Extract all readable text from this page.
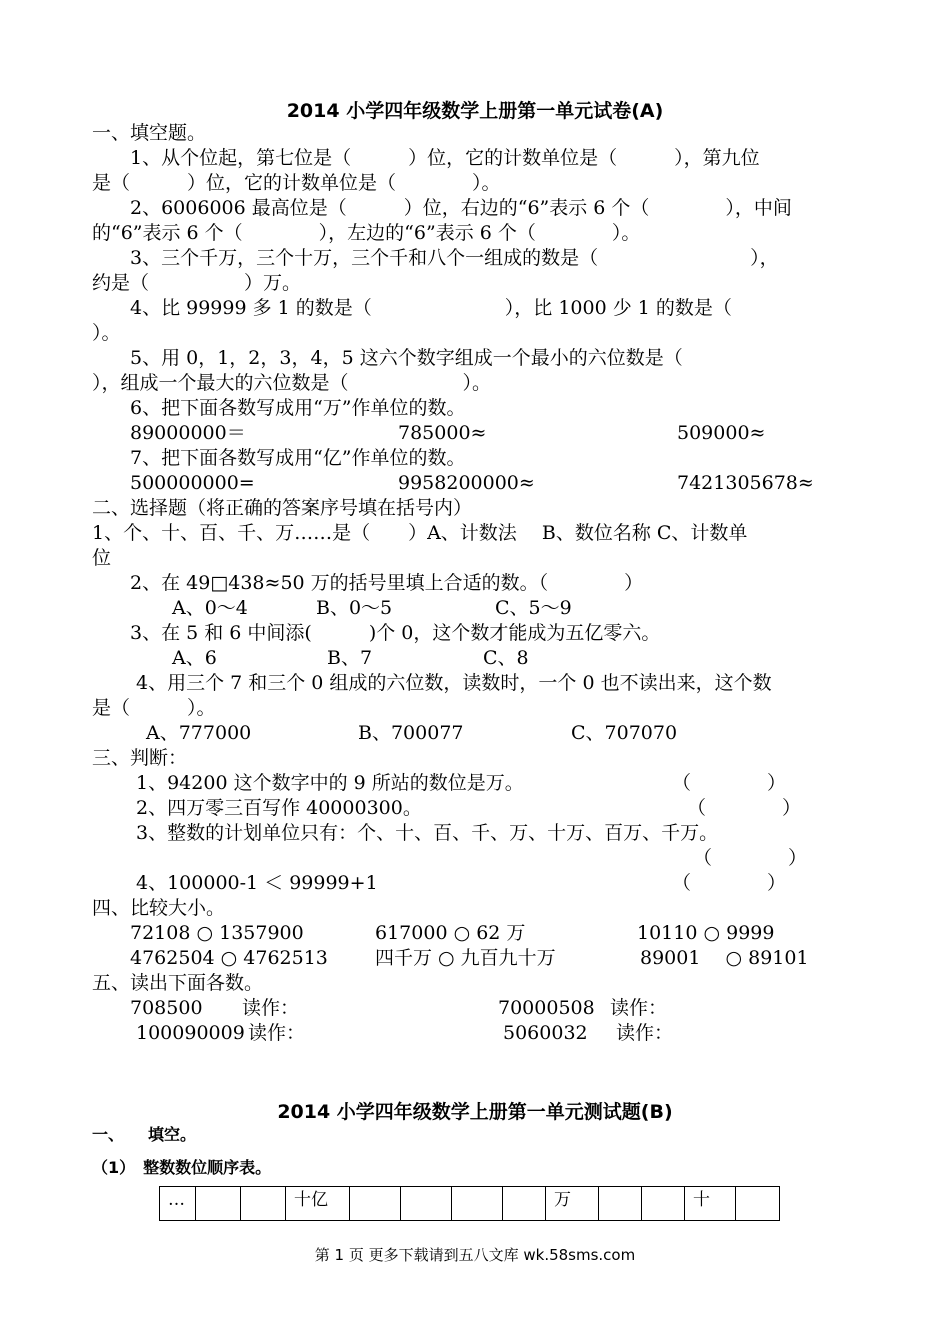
2014 小学四年级数学上册第一单元试卷(A)
一、填空题。
1、从个位起，第七位是（　　　）位，它的计数单位是（　　　），第九位
是（　　　）位，它的计数单位是（　　　　）。
2、6006006 最高位是（　　　）位，右边的“6”表示 6 个（　　　　），中间
的“6”表示 6 个（　　　　），左边的“6”表示 6 个（　　　　）。
3、三个千万，三个十万，三个千和八个一组成的数是（　　　　　　　　），
约是（　　　　　）万。
4、比 99999 多 1 的数是（　　　　　　　），比 1000 少 1 的数是（
）。
5、用 0，1，2，3，4，5 这六个数字组成一个最小的六位数是（
），组成一个最大的六位数是（　　　　　　）。
6、把下面各数写成用“万”作单位的数。
89000000＝	785000≈	509000≈
7、把下面各数写成用“亿”作单位的数。
500000000=	9958200000≈	7421305678≈
二、选择题（将正确的答案序号填在括号内）
1、个、十、百、千、万……是（　　）A、计数法　 B、数位名称 C、计数单
位
2、在 49□438≈50 万的括号里填上合适的数。（　　　　）
A、0～4	B、0～5	C、5～9
3、在 5 和 6 中间添(　　　)个 0，这个数才能成为五亿零六。
A、6	B、7	C、8
4、用三个 7 和三个 0 组成的六位数，读数时，一个 0 也不读出来，这个数
是（　　　）。
A、777000	B、700077	C、707070
三、判断：
1、94200 这个数字中的 9 所站的数位是万。	（　　　　）
2、四万零三百写作 40000300。	（　　　　）
3、整数的计划单位只有：个、十、百、千、万、十万、百万、千万。
（　　　　）
4、100000-1 ＜ 99999+1	（　　　　）
四、比较大小。
72108 ○ 1357900	617000 ○ 62 万	10110 ○ 9999
4762504 ○ 4762513 四千万 ○ 九百九十万	89001 　○ 89101
五、读出下面各数。
708500 读作：	70000508 读作：
100090009 读作：	5060032 读作：
2014 小学四年级数学上册第一单元测试题(B)
一、　　填空。
（1）　整数数位顺序表。
…			十亿					万			十	
第 1 页 更多下载请到五八文库 wk.58sms.com
